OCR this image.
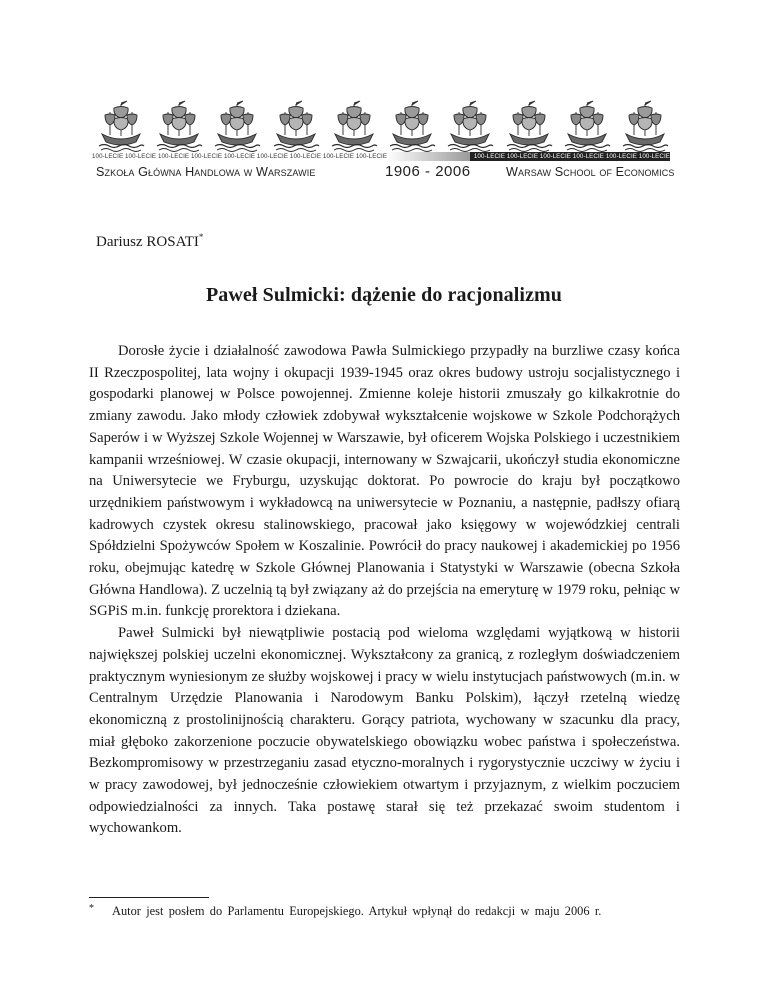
100-LECIE 100-LECIE 100-LECIE 100-LECIE 100-LECIE 100-LECIE 100-LECIE 100-LECIE 100-LECIE	100-LECIE 100-LECIE 100-LECIE 100-LECIE 100-LECIE 100-LECIE
Szkoła Główna Handlowa w Warszawie	1906 - 2006	Warsaw School of Economics
Dariusz ROSATI*
Paweł Sulmicki: dążenie do racjonalizmu

Dorosłe życie i działalność zawodowa Pawła Sulmickiego przypadły na burzliwe czasy końca II Rzeczpospolitej, lata wojny i okupacji 1939-1945 oraz okres budowy ustroju socjalistycznego i gospodarki planowej w Polsce powojennej. Zmienne koleje historii zmuszały go kilkakrotnie do zmiany zawodu. Jako młody człowiek zdobywał wykształcenie wojskowe w Szkole Podchorążych Saperów i w Wyższej Szkole Wojennej w Warszawie, był oficerem Wojska Polskiego i uczestnikiem kampanii wrześniowej. W czasie okupacji, internowany w Szwajcarii, ukończył studia ekonomiczne na Uniwersytecie we Fryburgu, uzyskując doktorat. Po powrocie do kraju był początkowo urzędnikiem państwowym i wykładowcą na uniwersytecie w Poznaniu, a następnie, padłszy ofiarą kadrowych czystek okresu stalinowskiego, pracował jako księgowy w wojewódzkiej centrali Spółdzielni Spożywców Społem w Koszalinie. Powrócił do pracy naukowej i akademickiej po 1956 roku, obejmując katedrę w Szkole Głównej Planowania i Statystyki w Warszawie (obecna Szkoła Główna Handlowa). Z uczelnią tą był związany aż do przejścia na emeryturę w 1979 roku, pełniąc w SGPiS m.in. funkcję prorektora i dziekana.

Paweł Sulmicki był niewątpliwie postacią pod wieloma względami wyjątkową w historii największej polskiej uczelni ekonomicznej. Wykształcony za granicą, z rozległym doświadczeniem praktycznym wyniesionym ze służby wojskowej i pracy w wielu instytucjach państwowych (m.in. w Centralnym Urzędzie Planowania i Narodowym Banku Polskim), łączył rzetelną wiedzę ekonomiczną z prostolinijnością charakteru. Gorący patriota, wychowany w szacunku dla pracy, miał głęboko zakorzenione poczucie obywatelskiego obowiązku wobec państwa i społeczeństwa. Bezkompromisowy w przestrzeganiu zasad etyczno-moralnych i rygorystycznie uczciwy w życiu i w pracy zawodowej, był jednocześnie człowiekiem otwartym i przyjaznym, z wielkim poczuciem odpowiedzialności za innych. Taka postawę starał się też przekazać swoim studentom i wychowankom.

* Autor jest posłem do Parlamentu Europejskiego. Artykuł wpłynął do redakcji w maju 2006 r.
